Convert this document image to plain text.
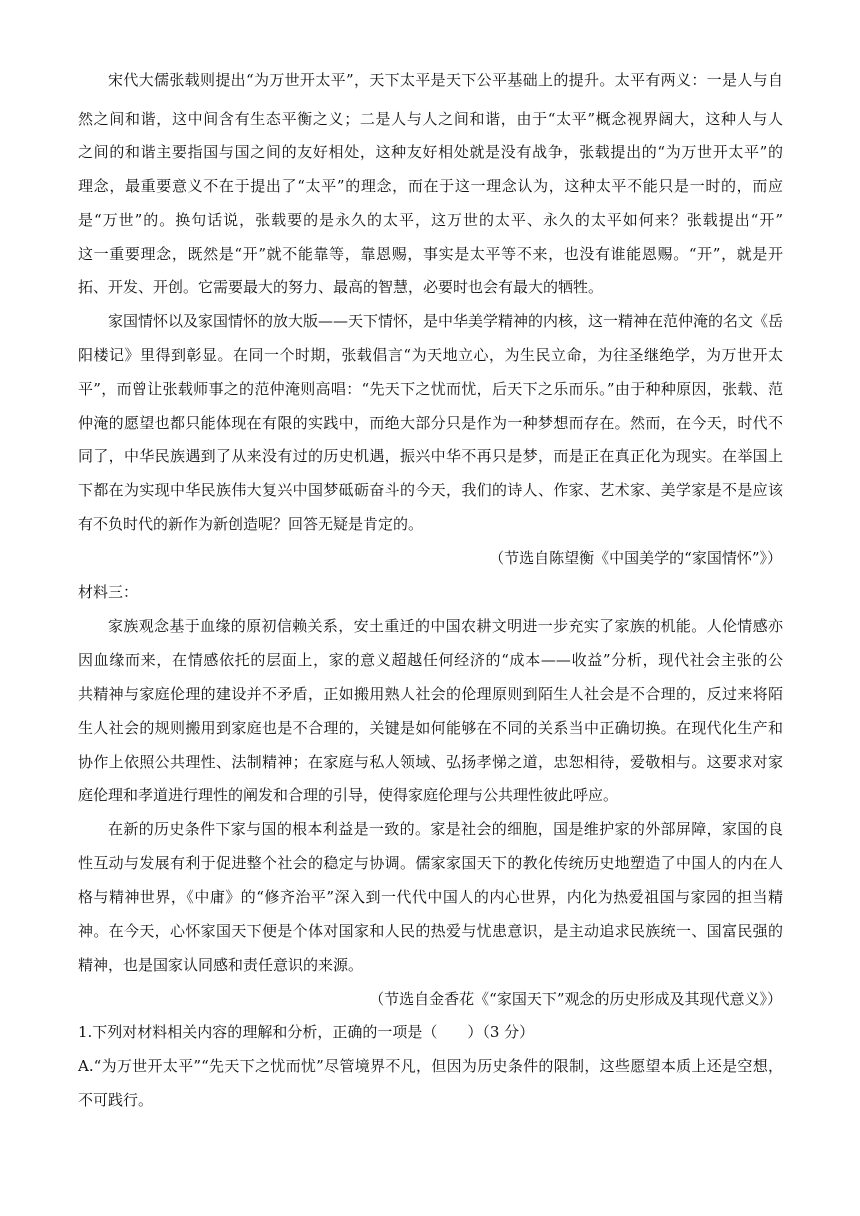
宋代大儒张载则提出“为万世开太平”，天下太平是天下公平基础上的提升。太平有两义：一是人与自
然之间和谐，这中间含有生态平衡之义；二是人与人之间和谐，由于“太平”概念视界阔大，这种人与人
之间的和谐主要指国与国之间的友好相处，这种友好相处就是没有战争，张载提出的“为万世开太平”的
理念，最重要意义不在于提出了“太平”的理念，而在于这一理念认为，这种太平不能只是一时的，而应
是“万世”的。换句话说，张载要的是永久的太平，这万世的太平、永久的太平如何来？张载提出“开”
这一重要理念，既然是“开”就不能靠等，靠恩赐，事实是太平等不来，也没有谁能恩赐。“开”，就是开
拓、开发、开创。它需要最大的努力、最高的智慧，必要时也会有最大的牺牲。
家国情怀以及家国情怀的放大版——天下情怀，是中华美学精神的内核，这一精神在范仲淹的名文《岳
阳楼记》里得到彰显。在同一个时期，张载倡言“为天地立心，为生民立命，为往圣继绝学，为万世开太
平”，而曾让张载师事之的范仲淹则高唱：“先天下之忧而忧，后天下之乐而乐。”由于种种原因，张载、范
仲淹的愿望也都只能体现在有限的实践中，而绝大部分只是作为一种梦想而存在。然而，在今天，时代不
同了，中华民族遇到了从来没有过的历史机遇，振兴中华不再只是梦，而是正在真正化为现实。在举国上
下都在为实现中华民族伟大复兴中国梦砥砺奋斗的今天，我们的诗人、作家、艺术家、美学家是不是应该
有不负时代的新作为新创造呢？回答无疑是肯定的。
（节选自陈望衡《中国美学的“家国情怀”》）
材料三：
家族观念基于血缘的原初信赖关系，安土重迁的中国农耕文明进一步充实了家族的机能。人伦情感亦
因血缘而来，在情感依托的层面上，家的意义超越任何经济的“成本——收益”分析，现代社会主张的公
共精神与家庭伦理的建设并不矛盾，正如搬用熟人社会的伦理原则到陌生人社会是不合理的，反过来将陌
生人社会的规则搬用到家庭也是不合理的，关键是如何能够在不同的关系当中正确切换。在现代化生产和
协作上依照公共理性、法制精神；在家庭与私人领域、弘扬孝悌之道，忠恕相待，爱敬相与。这要求对家
庭伦理和孝道进行理性的阐发和合理的引导，使得家庭伦理与公共理性彼此呼应。
在新的历史条件下家与国的根本利益是一致的。家是社会的细胞，国是维护家的外部屏障，家国的良
性互动与发展有利于促进整个社会的稳定与协调。儒家家国天下的教化传统历史地塑造了中国人的内在人
格与精神世界，《中庸》的“修齐治平”深入到一代代中国人的内心世界，内化为热爱祖国与家园的担当精
神。在今天，心怀家国天下便是个体对国家和人民的热爱与忧患意识，是主动追求民族统一、国富民强的
精神，也是国家认同感和责任意识的来源。
（节选自金香花《“家国天下”观念的历史形成及其现代意义》）
1.下列对材料相关内容的理解和分析，正确的一项是（　　）（3 分）
A.“为万世开太平”“先天下之忧而忧”尽管境界不凡，但因为历史条件的限制，这些愿望本质上还是空想，
不可践行。
